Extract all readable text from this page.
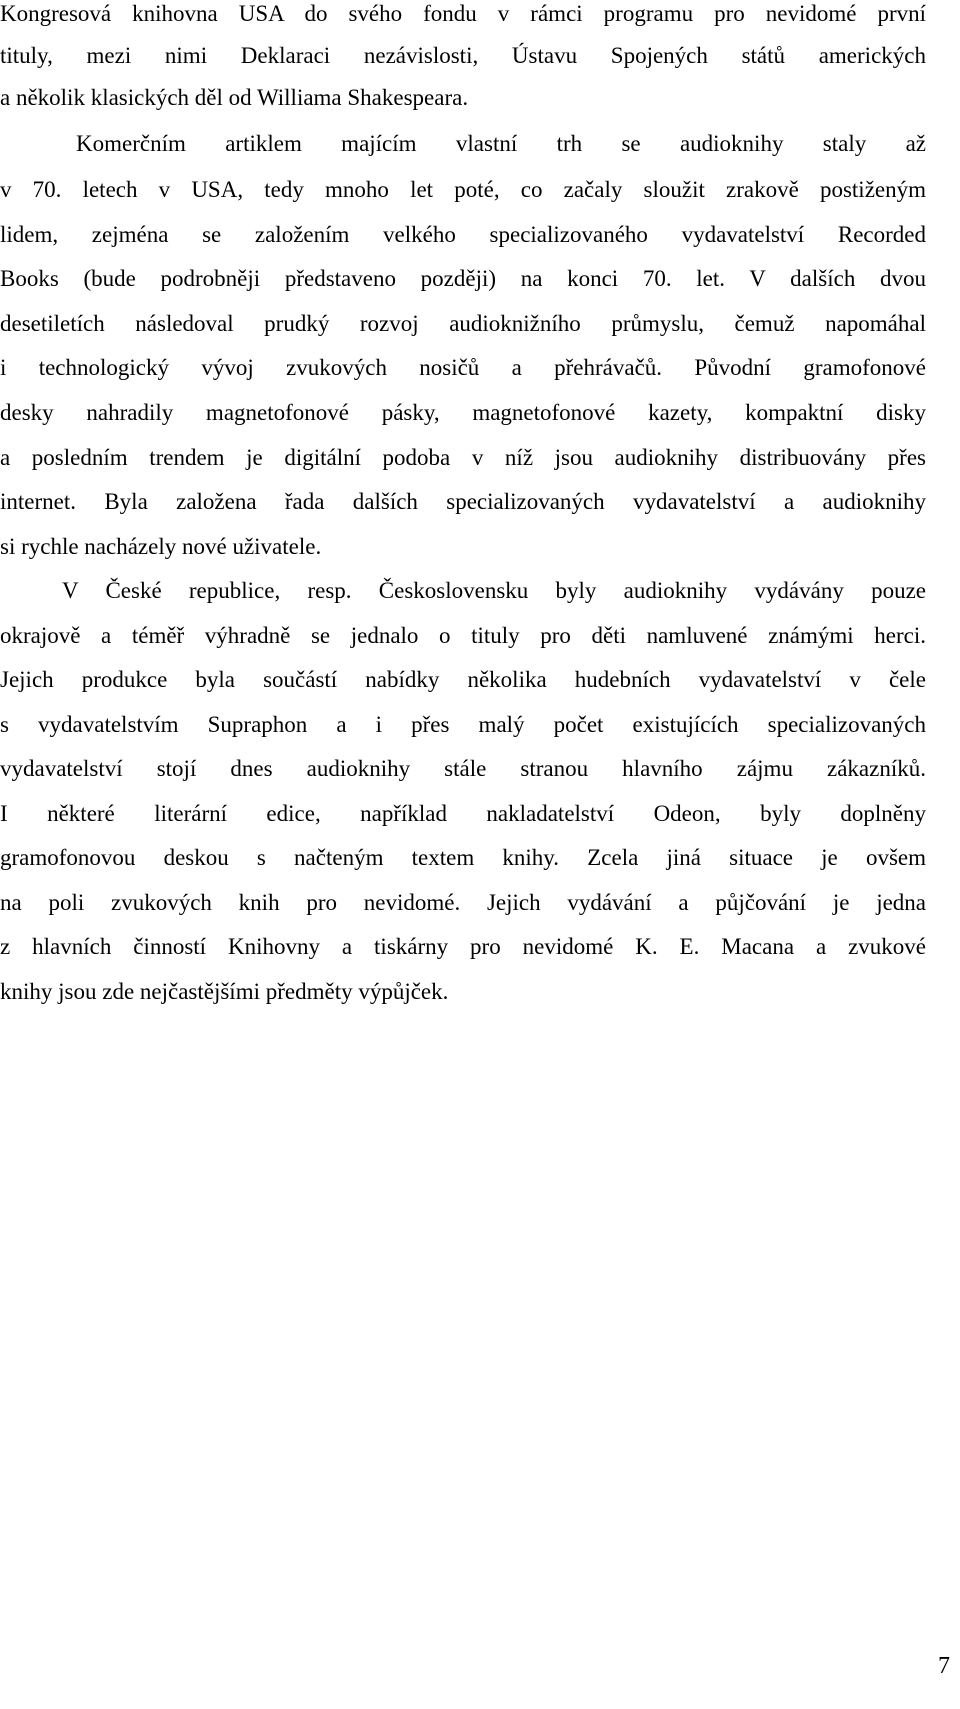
Kongresová knihovna USA do svého fondu v rámci programu pro nevidomé první
tituly, mezi nimi Deklaraci nezávislosti, Ústavu Spojených států amerických
a několik klasických děl od Williama Shakespeara.
Komerčním artiklem majícím vlastní trh se audioknihy staly až
v 70. letech v USA, tedy mnoho let poté, co začaly sloužit zrakově postiženým
lidem, zejména se založením velkého specializovaného vydavatelství Recorded
Books (bude podrobněji představeno později) na konci 70. let. V dalších dvou
desetiletích následoval prudký rozvoj audioknižního průmyslu, čemuž napomáhal
i technologický vývoj zvukových nosičů a přehrávačů. Původní gramofonové
desky nahradily magnetofonové pásky, magnetofonové kazety, kompaktní disky
a posledním trendem je digitální podoba v níž jsou audioknihy distribuovány přes
internet. Byla založena řada dalších specializovaných vydavatelství a audioknihy
si rychle nacházely nové uživatele.
V České republice, resp. Československu byly audioknihy vydávány pouze
okrajově a téměř výhradně se jednalo o tituly pro děti namluvené známými herci.
Jejich produkce byla součástí nabídky několika hudebních vydavatelství v čele
s vydavatelstvím Supraphon a i přes malý počet existujících specializovaných
vydavatelství stojí dnes audioknihy stále stranou hlavního zájmu zákazníků.
I některé literární edice, například nakladatelství Odeon, byly doplněny
gramofonovou deskou s načteným textem knihy. Zcela jiná situace je ovšem
na poli zvukových knih pro nevidomé. Jejich vydávání a půjčování je jedna
z hlavních činností Knihovny a tiskárny pro nevidomé K. E. Macana a zvukové
knihy jsou zde nejčastějšími předměty výpůjček.
7
